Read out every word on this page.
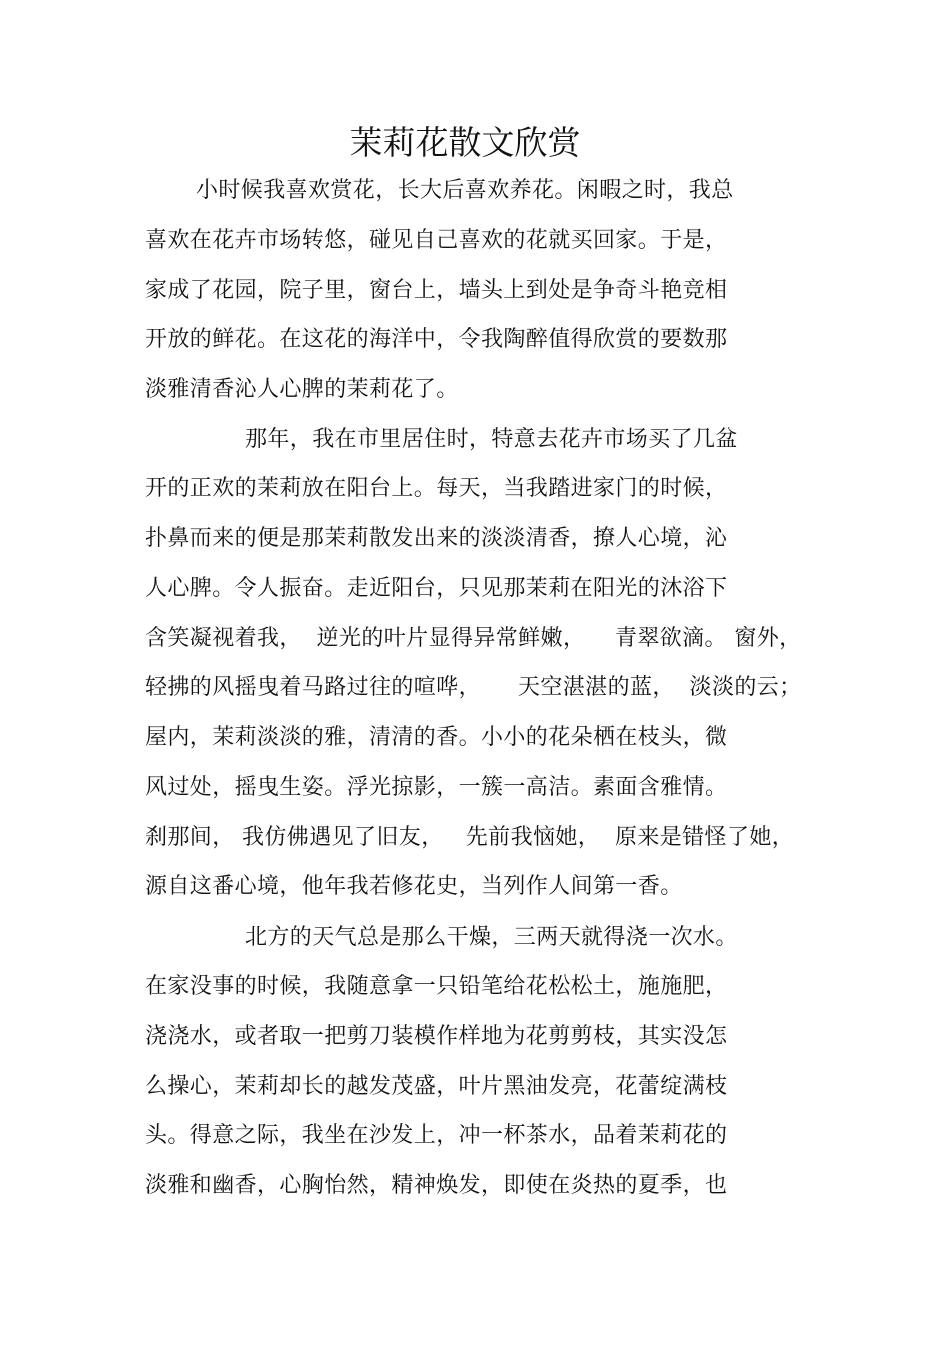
茉莉花散文欣赏
小时候我喜欢赏花，长大后喜欢养花。闲暇之时，我总
喜欢在花卉市场转悠，碰见自己喜欢的花就买回家。于是，
家成了花园，院子里，窗台上，墙头上到处是争奇斗艳竞相
开放的鲜花。在这花的海洋中，令我陶醉值得欣赏的要数那
淡雅清香沁人心脾的茉莉花了。
那年，我在市里居住时，特意去花卉市场买了几盆
开的正欢的茉莉放在阳台上。每天，当我踏进家门的时候，
扑鼻而来的便是那茉莉散发出来的淡淡清香，撩人心境，沁
人心脾。令人振奋。走近阳台，只见那茉莉在阳光的沐浴下
含笑凝视着我，  逆光的叶片显得异常鲜嫩，    青翠欲滴。 窗外，
轻拂的风摇曳着马路过往的喧哗，     天空湛湛的蓝，  淡淡的云；
屋内，茉莉淡淡的雅，清清的香。小小的花朵栖在枝头，微
风过处，摇曳生姿。浮光掠影，一簇一高洁。素面含雅情。
刹那间， 我仿佛遇见了旧友，   先前我恼她，  原来是错怪了她，
源自这番心境，他年我若修花史，当列作人间第一香。
北方的天气总是那么干燥，三两天就得浇一次水。
在家没事的时候，我随意拿一只铅笔给花松松土，施施肥，
浇浇水，或者取一把剪刀装模作样地为花剪剪枝，其实没怎
么操心，茉莉却长的越发茂盛，叶片黑油发亮，花蕾绽满枝
头。得意之际，我坐在沙发上，冲一杯茶水，品着茉莉花的
淡雅和幽香，心胸怡然，精神焕发，即使在炎热的夏季，也
